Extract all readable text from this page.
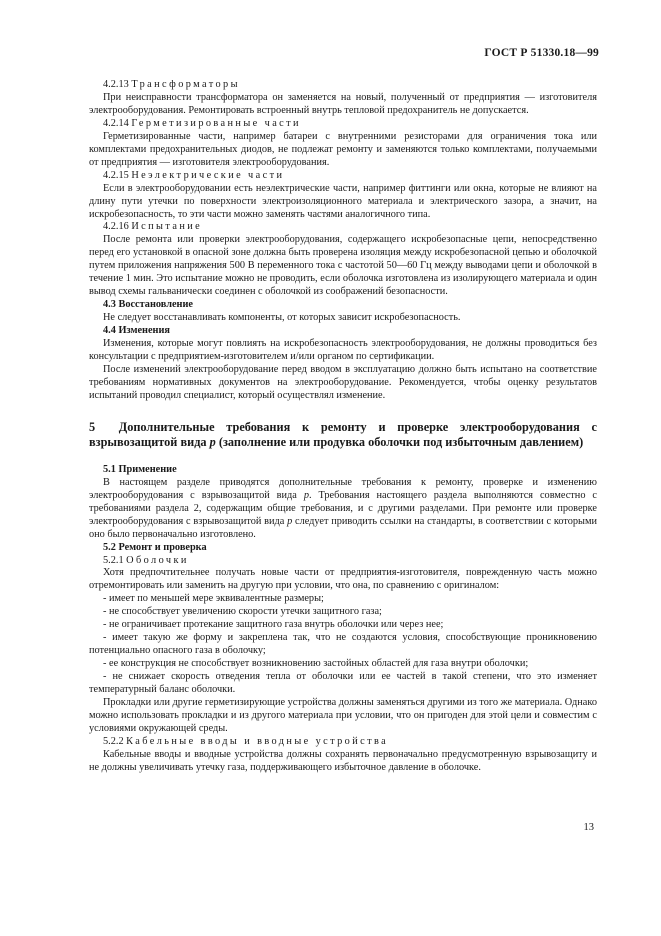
ГОСТ Р 51330.18—99

4.2.13 Трансформаторы

При неисправности трансформатора он заменяется на новый, полученный от предприятия — изготовителя электрооборудования. Ремонтировать встроенный внутрь тепловой предохранитель не допускается.

4.2.14 Герметизированные части

Герметизированные части, например батареи с внутренними резисторами для ограничения тока или комплектами предохранительных диодов, не подлежат ремонту и заменяются только комплектами, получаемыми от предприятия — изготовителя электрооборудования.

4.2.15 Неэлектрические части

Если в электрооборудовании есть неэлектрические части, например фиттинги или окна, которые не влияют на длину пути утечки по поверхности электроизоляционного материала и электрического зазора, а значит, на искробезопасность, то эти части можно заменять частями аналогичного типа.

4.2.16 Испытание

После ремонта или проверки электрооборудования, содержащего искробезопасные цепи, непосредственно перед его установкой в опасной зоне должна быть проверена изоляция между искробезопасной цепью и оболочкой путем приложения напряжения 500 В переменного тока с частотой 50—60 Гц между выводами цепи и оболочкой в течение 1 мин. Это испытание можно не проводить, если оболочка изготовлена из изолирующего материала и один вывод схемы гальванически соединен с оболочкой из соображений безопасности.

4.3 Восстановление

Не следует восстанавливать компоненты, от которых зависит искробезопасность.

4.4 Изменения

Изменения, которые могут повлиять на искробезопасность электрооборудования, не должны проводиться без консультации с предприятием-изготовителем и/или органом по сертификации.

После изменений электрооборудование перед вводом в эксплуатацию должно быть испытано на соответствие требованиям нормативных документов на электрооборудование. Рекомендуется, чтобы оценку результатов испытаний проводил специалист, который осуществлял изменение.

5 Дополнительные требования к ремонту и проверке электрооборудования с взрывозащитой вида p (заполнение или продувка оболочки под избыточным давлением)

5.1 Применение

В настоящем разделе приводятся дополнительные требования к ремонту, проверке и изменению электрооборудования с взрывозащитой вида p. Требования настоящего раздела выполняются совместно с требованиями раздела 2, содержащим общие требования, и с другими разделами. При ремонте или проверке электрооборудования с взрывозащитой вида p следует приводить ссылки на стандарты, в соответствии с которыми оно было первоначально изготовлено.

5.2 Ремонт и проверка

5.2.1 Оболочки

Хотя предпочтительнее получать новые части от предприятия-изготовителя, поврежденную часть можно отремонтировать или заменить на другую при условии, что она, по сравнению с оригиналом:

- имеет по меньшей мере эквивалентные размеры;

- не способствует увеличению скорости утечки защитного газа;

- не ограничивает протекание защитного газа внутрь оболочки или через нее;

- имеет такую же форму и закреплена так, что не создаются условия, способствующие проникновению потенциально опасного газа в оболочку;

- ее конструкция не способствует возникновению застойных областей для газа внутри оболочки;

- не снижает скорость отведения тепла от оболочки или ее частей в такой степени, что это изменяет температурный баланс оболочки.

Прокладки или другие герметизирующие устройства должны заменяться другими из того же материала. Однако можно использовать прокладки и из другого материала при условии, что он пригоден для этой цели и совместим с условиями окружающей среды.

5.2.2 Кабельные вводы и вводные устройства

Кабельные вводы и вводные устройства должны сохранять первоначально предусмотренную взрывозащиту и не должны увеличивать утечку газа, поддерживающего избыточное давление в оболочке.

13
